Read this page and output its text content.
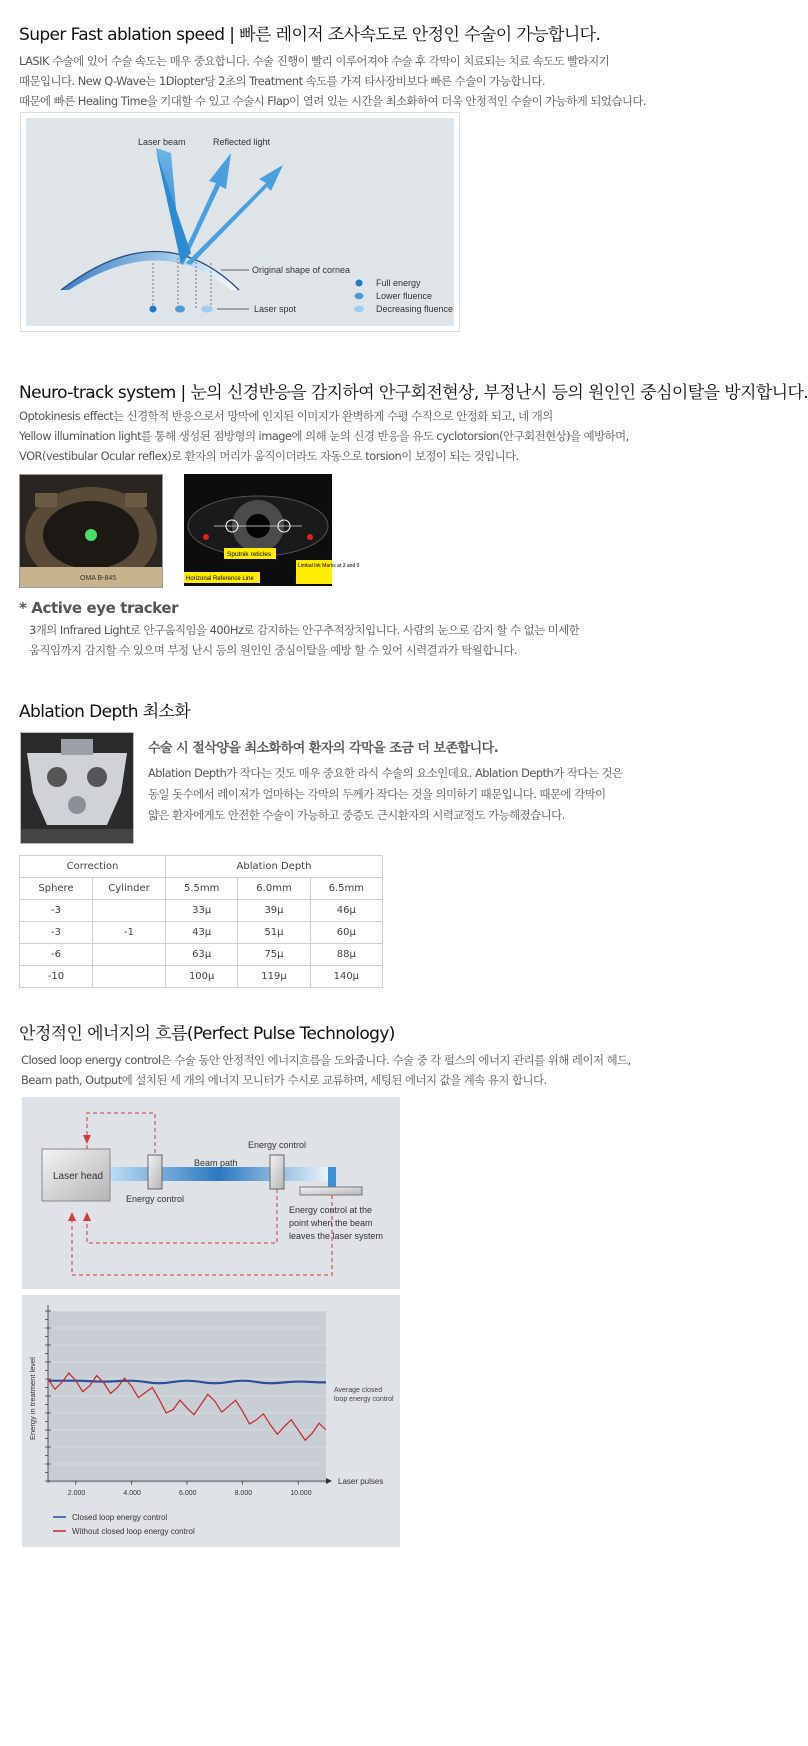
Super Fast ablation speed | 빠른 레이저 조사속도로 안정인 수술이 가능합니다.
LASIK 수술에 있어 수술 속도는 매우 중요합니다. 수술 진행이 빨리 이루어져야 수술 후 각막이 치료되는 치료 속도도 빨라지기
때문입니다. New Q-Wave는 1Diopter당 2초의 Treatment 속도를 가져 타사장비보다 빠른 수술이 가능합니다.
때문에 빠른 Healing Time을 기대할 수 있고 수술시 Flap이 열려 있는 시간을 최소화하여 더욱 안정적인 수술이 가능하게 되었습니다.
Laser beam	Reflected light
Original shape of cornea
Laser spot
Full energy
Lower fluence
Decreasing fluence
Neuro-track system | 눈의 신경반응을 감지하여 안구회전현상, 부정난시 등의 원인인 중심이탈을 방지합니다.
Optokinesis effect는 신경학적 반응으로서 망막에 인지된 이미지가 완벽하게 수평 수직으로 안정화 되고, 네 개의
Yellow illumination light를 통해 생성된 점방형의 image에 의해 눈의 신경 반응을 유도 cyclotorsion(안구회전현상)을 예방하며,
VOR(vestibular Ocular reflex)로 환자의 머리가 움직이더라도 자동으로 torsion이 보정이 되는 것입니다.
OMA B-845
Sputnik reticles
Horizonal Reference Line
Limbal Ink Marks at 3 and 9
* Active eye tracker
3개의 Infrared Light로 안구움직임을 400Hz로 감지하는 안구추적장치입니다. 사람의 눈으로 감지 할 수 없는 미세한
움직임까지 감지할 수 있으며 부정 난시 등의 원인인 중심이탈을 예방 할 수 있어 시력결과가 탁월합니다.
Ablation Depth 최소화
수술 시 절삭양을 최소화하여 환자의 각막을 조금 더 보존합니다.
Ablation Depth가 작다는 것도 매우 중요한 라식 수술의 요소인데요. Ablation Depth가 작다는 것은
동일 돗수에서 레이저가 얼마하는 각막의 두께가 작다는 것을 의미하기 때문입니다. 때문에 각막이
얇은 환자에게도 안전한 수술이 가능하고 중증도 근시환자의 시력교정도 가능해졌습니다.
Correction		Ablation Depth		
Sphere	Cylinder	5.5mm	6.0mm	6.5mm
-3		33μ	39μ	46μ
-3	-1	43μ	51μ	60μ
-6		63μ	75μ	88μ
-10		100μ	119μ	140μ
안정적인 에너지의 흐름(Perfect Pulse Technology)
Closed loop energy control은 수술 동안 안정적인 에너지흐름을 도와줍니다. 수술 중 각 펄스의 에너지 관리를 위해 레이저 헤드,
Beam path, Output에 설치된 세 개의 에너지 모니터가 수시로 교류하며, 세팅된 에너지 값을 계속 유지 합니다.
Laser head
Beam path
Energy control
Energy control
Energy control at the
point when the beam
leaves the laser system
2.000	4.000	6.000	8.000	10.000
Energy in treatment level
Laser pulses
Average closed
loop energy control
Closed loop energy control
Without closed loop energy control
